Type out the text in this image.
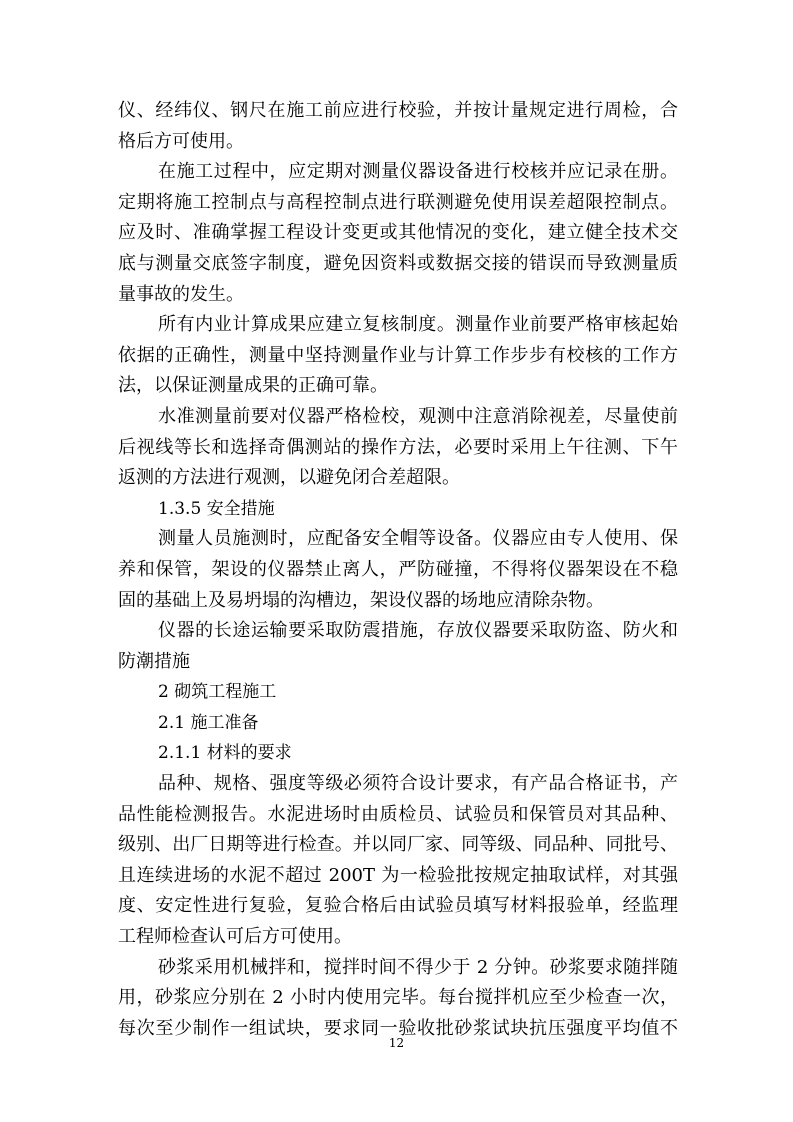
仪、经纬仪、钢尺在施工前应进行校验，并按计量规定进行周检，合
格后方可使用。
在施工过程中，应定期对测量仪器设备进行校核并应记录在册。
定期将施工控制点与高程控制点进行联测避免使用误差超限控制点。
应及时、准确掌握工程设计变更或其他情况的变化，建立健全技术交
底与测量交底签字制度，避免因资料或数据交接的错误而导致测量质
量事故的发生。
所有内业计算成果应建立复核制度。测量作业前要严格审核起始
依据的正确性，测量中坚持测量作业与计算工作步步有校核的工作方
法，以保证测量成果的正确可靠。
水准测量前要对仪器严格检校，观测中注意消除视差，尽量使前
后视线等长和选择奇偶测站的操作方法，必要时采用上午往测、下午
返测的方法进行观测，以避免闭合差超限。
1.3.5 安全措施
测量人员施测时，应配备安全帽等设备。仪器应由专人使用、保
养和保管，架设的仪器禁止离人，严防碰撞，不得将仪器架设在不稳
固的基础上及易坍塌的沟槽边，架设仪器的场地应清除杂物。
仪器的长途运输要采取防震措施，存放仪器要采取防盗、防火和
防潮措施
2 砌筑工程施工
2.1 施工准备
2.1.1 材料的要求
品种、规格、强度等级必须符合设计要求，有产品合格证书，产
品性能检测报告。水泥进场时由质检员、试验员和保管员对其品种、
级别、出厂日期等进行检查。并以同厂家、同等级、同品种、同批号、
且连续进场的水泥不超过 200T 为一检验批按规定抽取试样，对其强
度、安定性进行复验，复验合格后由试验员填写材料报验单，经监理
工程师检查认可后方可使用。
砂浆采用机械拌和，搅拌时间不得少于 2 分钟。砂浆要求随拌随
用，砂浆应分别在 2 小时内使用完毕。每台搅拌机应至少检查一次，
每次至少制作一组试块，要求同一验收批砂浆试块抗压强度平均值不
12
